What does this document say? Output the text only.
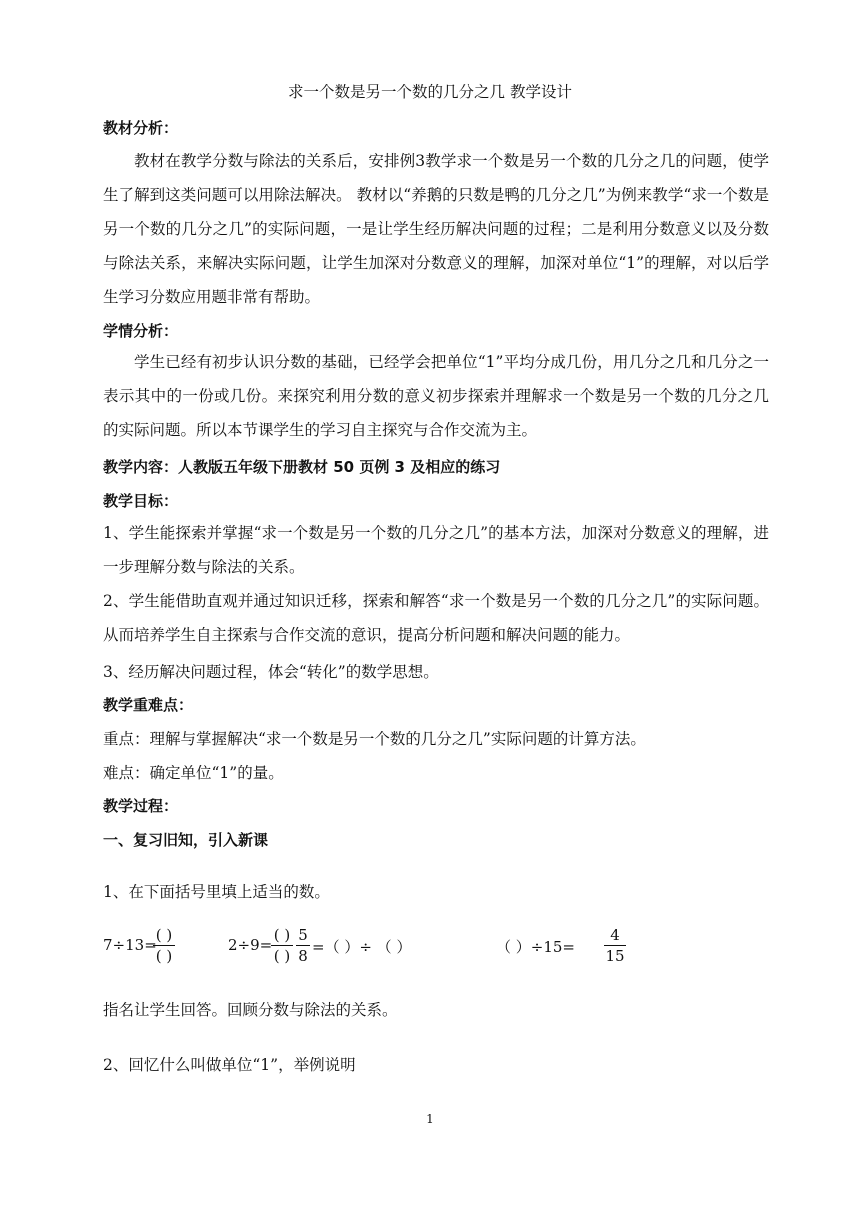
求一个数是另一个数的几分之几 教学设计
教材分析：
教材在教学分数与除法的关系后，安排例3教学求一个数是另一个数的几分之几的问题，使学生了解到这类问题可以用除法解决。 教材以“养鹅的只数是鸭的几分之几”为例来教学“求一个数是另一个数的几分之几”的实际问题，一是让学生经历解决问题的过程；二是利用分数意义以及分数与除法关系，来解决实际问题，让学生加深对分数意义的理解，加深对单位“1”的理解，对以后学生学习分数应用题非常有帮助。
学情分析：
学生已经有初步认识分数的基础，已经学会把单位“1”平均分成几份，用几分之几和几分之一表示其中的一份或几份。来探究利用分数的意义初步探索并理解求一个数是另一个数的几分之几的实际问题。所以本节课学生的学习自主探究与合作交流为主。
教学内容：人教版五年级下册教材 50 页例 3 及相应的练习
教学目标：
1、学生能探索并掌握“求一个数是另一个数的几分之几”的基本方法，加深对分数意义的理解，进一步理解分数与除法的关系。
2、学生能借助直观并通过知识迁移，探索和解答“求一个数是另一个数的几分之几”的实际问题。从而培养学生自主探索与合作交流的意识，提高分析问题和解决问题的能力。
3、经历解决问题过程，体会“转化”的数学思想。
教学重难点：
重点：理解与掌握解决“求一个数是另一个数的几分之几”实际问题的计算方法。
难点：确定单位“1”的量。
教学过程：
一、复习旧知，引入新课
1、在下面括号里填上适当的数。
7÷13=
( )
( )
2÷9=
( )
( )
5
8 =（ ）÷ （ ）	（ ）÷15=
4
15
指名让学生回答。回顾分数与除法的关系。
2、回忆什么叫做单位“1”，举例说明
1
